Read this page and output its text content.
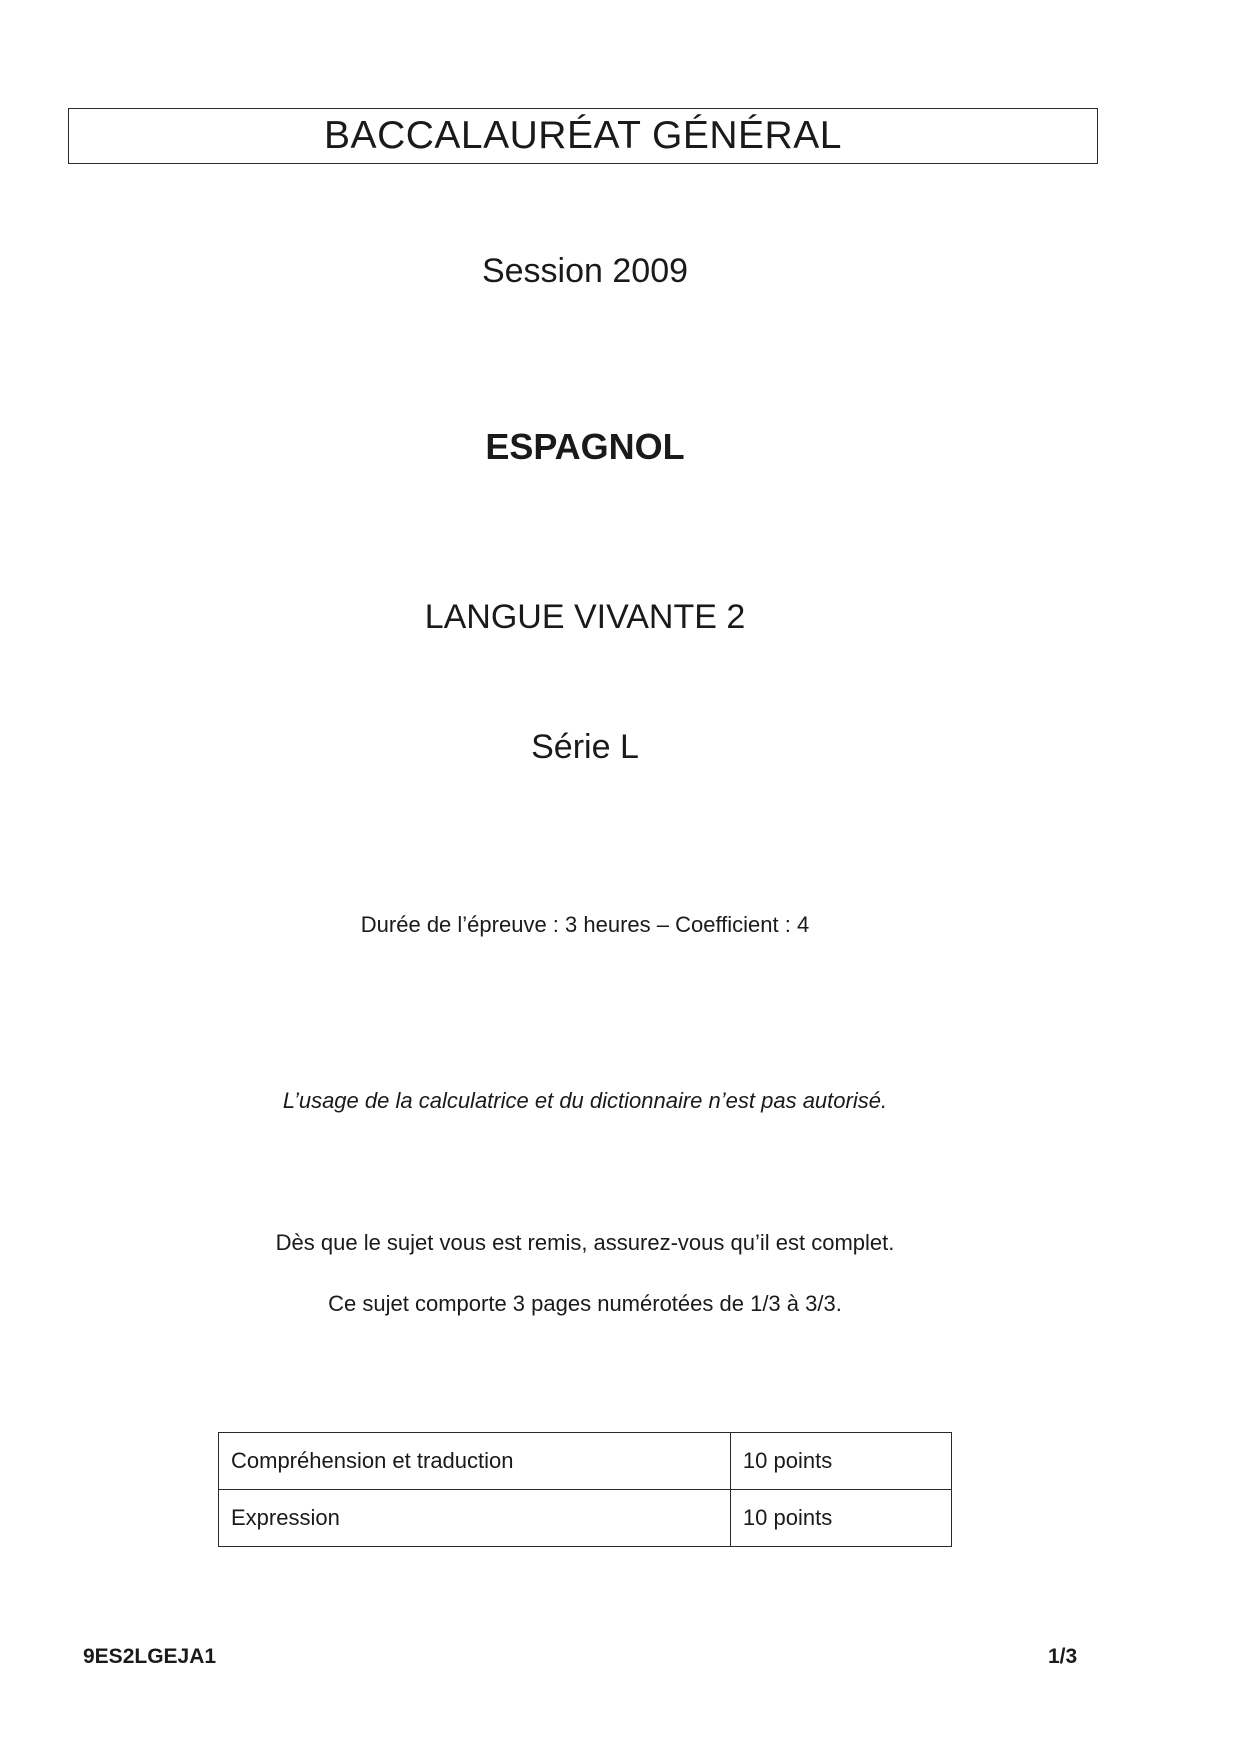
BACCALAURÉAT GÉNÉRAL
Session 2009
ESPAGNOL
LANGUE VIVANTE 2
Série L
Durée de l’épreuve : 3 heures – Coefficient : 4
L’usage de la calculatrice et du dictionnaire n’est pas autorisé.
Dès que le sujet vous est remis, assurez-vous qu’il est complet.
Ce sujet comporte 3 pages numérotées de 1/3 à 3/3.
Compréhension et traduction	10 points
Expression	10 points
9ES2LGEJA1	1/3
